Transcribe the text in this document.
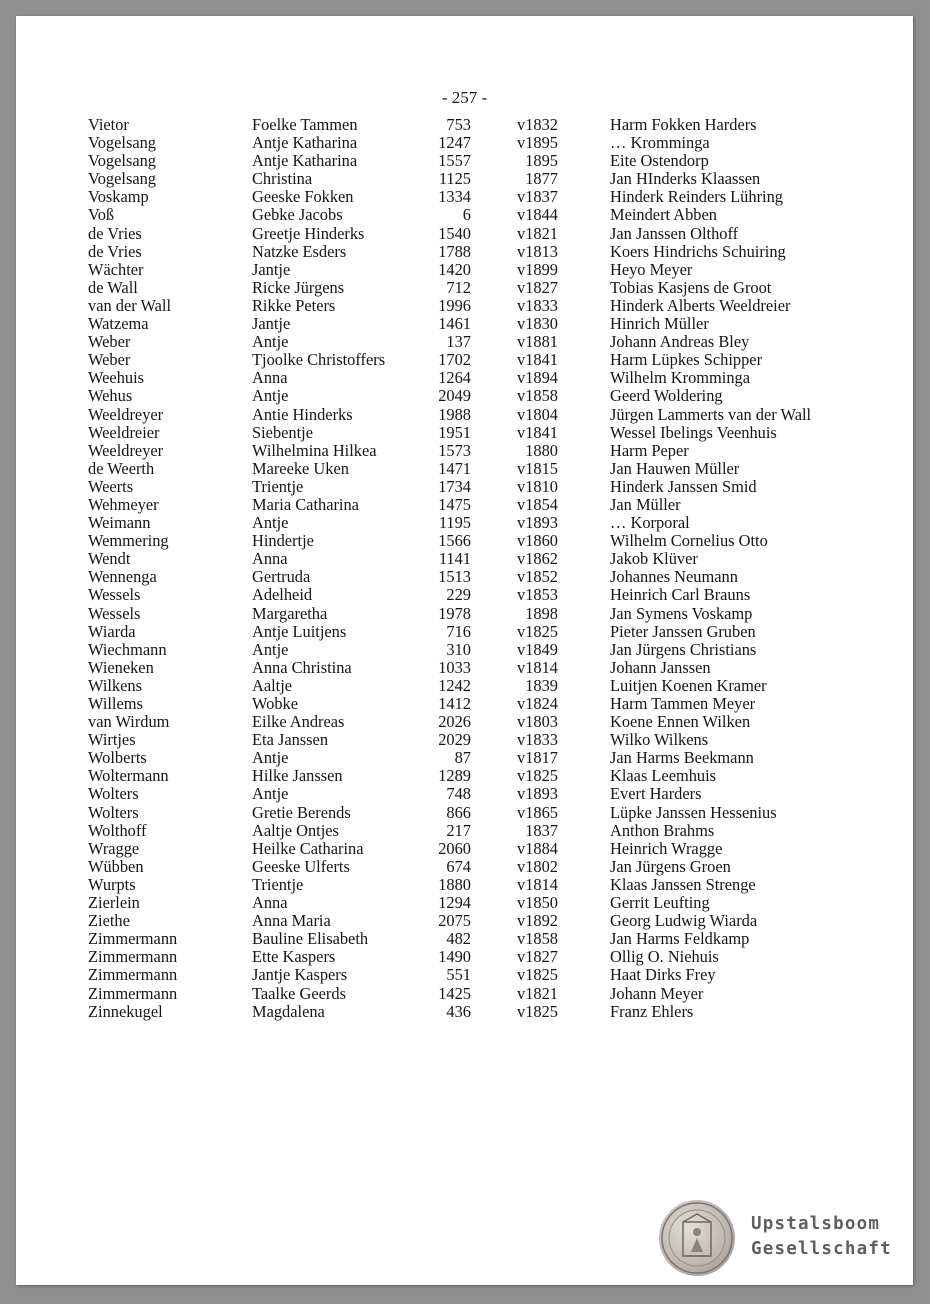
- 257 -
Vietor	Foelke Tammen	753	v1832	Harm Fokken Harders
Vogelsang	Antje Katharina	1247	v1895	… Kromminga
Vogelsang	Antje Katharina	1557	1895	Eite Ostendorp
Vogelsang	Christina	1125	1877	Jan HInderks Klaassen
Voskamp	Geeske Fokken	1334	v1837	Hinderk Reinders Lühring
Voß	Gebke Jacobs	6	v1844	Meindert Abben
de Vries	Greetje Hinderks	1540	v1821	Jan Janssen Olthoff
de Vries	Natzke Esders	1788	v1813	Koers Hindrichs Schuiring
Wächter	Jantje	1420	v1899	Heyo Meyer
de Wall	Ricke Jürgens	712	v1827	Tobias Kasjens de Groot
van der Wall	Rikke Peters	1996	v1833	Hinderk Alberts Weeldreier
Watzema	Jantje	1461	v1830	Hinrich Müller
Weber	Antje	137	v1881	Johann Andreas Bley
Weber	Tjoolke Christoffers	1702	v1841	Harm Lüpkes Schipper
Weehuis	Anna	1264	v1894	Wilhelm Kromminga
Wehus	Antje	2049	v1858	Geerd Woldering
Weeldreyer	Antie Hinderks	1988	v1804	Jürgen Lammerts van der Wall
Weeldreier	Siebentje	1951	v1841	Wessel Ibelings Veenhuis
Weeldreyer	Wilhelmina Hilkea	1573	1880	Harm Peper
de Weerth	Mareeke Uken	1471	v1815	Jan Hauwen Müller
Weerts	Trientje	1734	v1810	Hinderk Janssen Smid
Wehmeyer	Maria Catharina	1475	v1854	Jan Müller
Weimann	Antje	1195	v1893	… Korporal
Wemmering	Hindertje	1566	v1860	Wilhelm Cornelius Otto
Wendt	Anna	1141	v1862	Jakob Klüver
Wennenga	Gertruda	1513	v1852	Johannes Neumann
Wessels	Adelheid	229	v1853	Heinrich Carl Brauns
Wessels	Margaretha	1978	1898	Jan Symens Voskamp
Wiarda	Antje Luitjens	716	v1825	Pieter Janssen Gruben
Wiechmann	Antje	310	v1849	Jan Jürgens Christians
Wieneken	Anna Christina	1033	v1814	Johann Janssen
Wilkens	Aaltje	1242	1839	Luitjen Koenen Kramer
Willems	Wobke	1412	v1824	Harm Tammen Meyer
van Wirdum	Eilke Andreas	2026	v1803	Koene Ennen Wilken
Wirtjes	Eta Janssen	2029	v1833	Wilko Wilkens
Wolberts	Antje	87	v1817	Jan Harms Beekmann
Woltermann	Hilke Janssen	1289	v1825	Klaas Leemhuis
Wolters	Antje	748	v1893	Evert Harders
Wolters	Gretie Berends	866	v1865	Lüpke Janssen Hessenius
Wolthoff	Aaltje Ontjes	217	1837	Anthon Brahms
Wragge	Heilke Catharina	2060	v1884	Heinrich Wragge
Wübben	Geeske Ulferts	674	v1802	Jan Jürgens Groen
Wurpts	Trientje	1880	v1814	Klaas Janssen Strenge
Zierlein	Anna	1294	v1850	Gerrit Leufting
Ziethe	Anna Maria	2075	v1892	Georg Ludwig Wiarda
Zimmermann	Bauline Elisabeth	482	v1858	Jan Harms Feldkamp
Zimmermann	Ette Kaspers	1490	v1827	Ollig O. Niehuis
Zimmermann	Jantje Kaspers	551	v1825	Haat Dirks Frey
Zimmermann	Taalke Geerds	1425	v1821	Johann Meyer
Zinnekugel	Magdalena	436	v1825	Franz Ehlers
Upstalsboom
Gesellschaft
